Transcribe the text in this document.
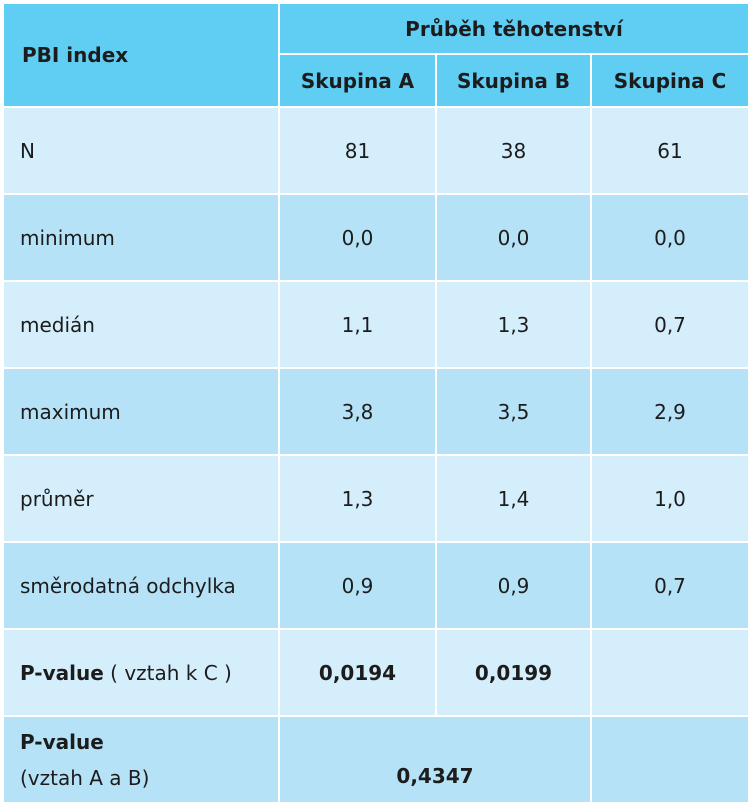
PBI index	Průběh těhotenství		
	Skupina A	Skupina B	Skupina C
N	81	38	61
minimum	0,0	0,0	0,0
medián	1,1	1,3	0,7
maximum	3,8	3,5	2,9
průměr	1,3	1,4	1,0
směrodatná odchylka	0,9	0,9	0,7
P-value ( vztah k C )	0,0194	0,0199	

P-value
(vztah A a B)	0,4347		
